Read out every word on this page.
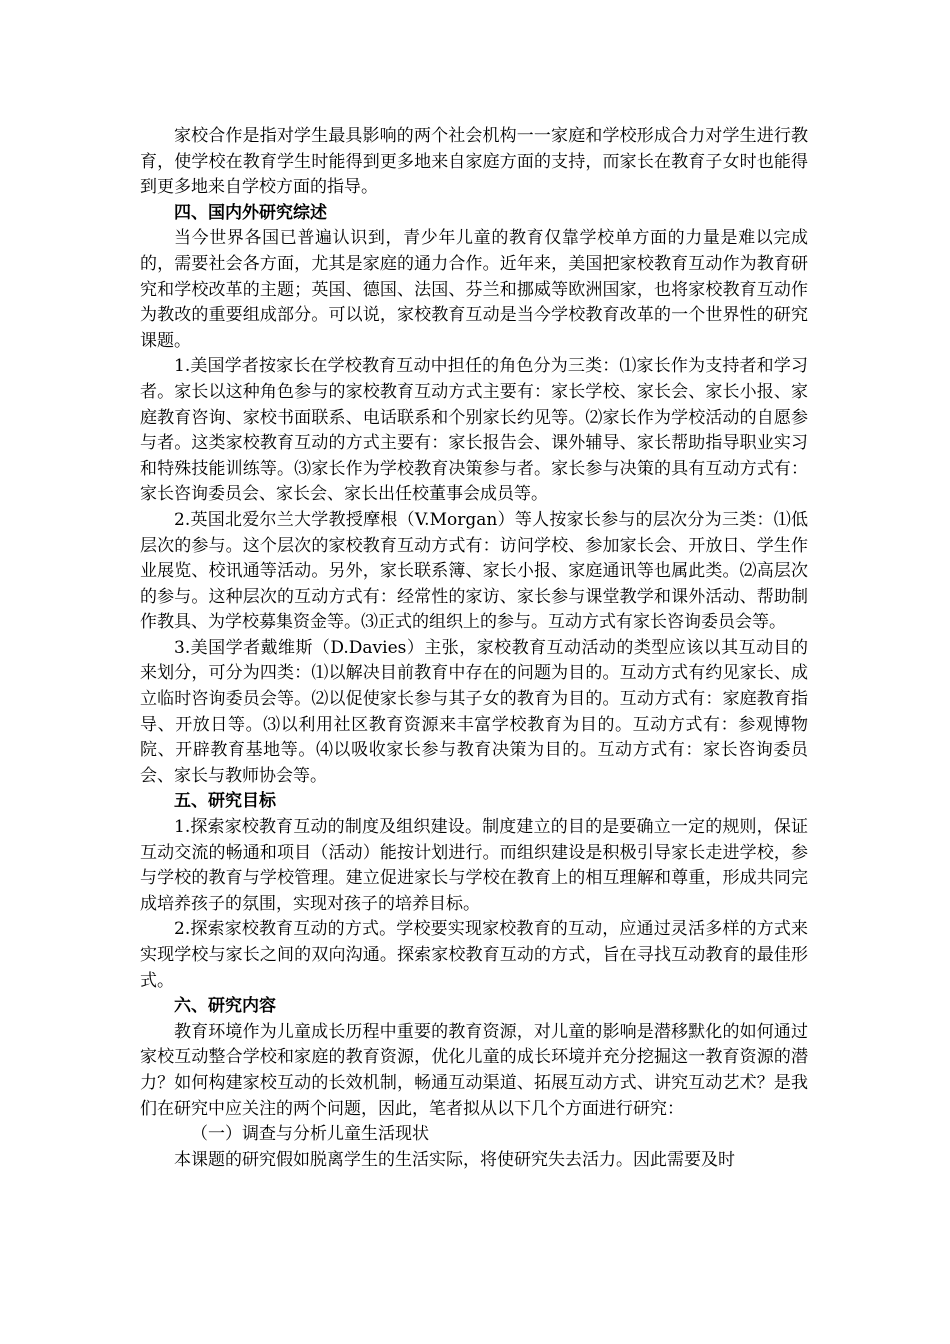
家校合作是指对学生最具影响的两个社会机构一一家庭和学校形成合力对学生进行教育，使学校在教育学生时能得到更多地来自家庭方面的支持，而家长在教育子女时也能得到更多地来自学校方面的指导。

四、国内外研究综述

当今世界各国已普遍认识到，青少年儿童的教育仅靠学校单方面的力量是难以完成的，需要社会各方面，尤其是家庭的通力合作。近年来，美国把家校教育互动作为教育研究和学校改革的主题；英国、德国、法国、芬兰和挪威等欧洲国家，也将家校教育互动作为教改的重要组成部分。可以说，家校教育互动是当今学校教育改革的一个世界性的研究课题。

1.美国学者按家长在学校教育互动中担任的角色分为三类：⑴家长作为支持者和学习者。家长以这种角色参与的家校教育互动方式主要有：家长学校、家长会、家长小报、家庭教育咨询、家校书面联系、电话联系和个别家长约见等。⑵家长作为学校活动的自愿参与者。这类家校教育互动的方式主要有：家长报告会、课外辅导、家长帮助指导职业实习和特殊技能训练等。⑶家长作为学校教育决策参与者。家长参与决策的具有互动方式有：家长咨询委员会、家长会、家长出任校董事会成员等。

2.英国北爱尔兰大学教授摩根（V.Morgan）等人按家长参与的层次分为三类：⑴低层次的参与。这个层次的家校教育互动方式有：访问学校、参加家长会、开放日、学生作业展览、校讯通等活动。另外，家长联系簿、家长小报、家庭通讯等也属此类。⑵高层次的参与。这种层次的互动方式有：经常性的家访、家长参与课堂教学和课外活动、帮助制作教具、为学校募集资金等。⑶正式的组织上的参与。互动方式有家长咨询委员会等。

3.美国学者戴维斯（D.Davies）主张，家校教育互动活动的类型应该以其互动目的来划分，可分为四类：⑴以解决目前教育中存在的问题为目的。互动方式有约见家长、成立临时咨询委员会等。⑵以促使家长参与其子女的教育为目的。互动方式有：家庭教育指导、开放日等。⑶以利用社区教育资源来丰富学校教育为目的。互动方式有：参观博物院、开辟教育基地等。⑷以吸收家长参与教育决策为目的。互动方式有：家长咨询委员会、家长与教师协会等。

五、研究目标

1.探索家校教育互动的制度及组织建设。制度建立的目的是要确立一定的规则，保证互动交流的畅通和项目（活动）能按计划进行。而组织建设是积极引导家长走进学校，参与学校的教育与学校管理。建立促进家长与学校在教育上的相互理解和尊重，形成共同完成培养孩子的氛围，实现对孩子的培养目标。

2.探索家校教育互动的方式。学校要实现家校教育的互动，应通过灵活多样的方式来实现学校与家长之间的双向沟通。探索家校教育互动的方式，旨在寻找互动教育的最佳形式。

六、研究内容

教育环境作为儿童成长历程中重要的教育资源，对儿童的影响是潜移默化的如何通过家校互动整合学校和家庭的教育资源，优化儿童的成长环境并充分挖掘这一教育资源的潜力？如何构建家校互动的长效机制，畅通互动渠道、拓展互动方式、讲究互动艺术？是我们在研究中应关注的两个问题，因此，笔者拟从以下几个方面进行研究：

（一）调查与分析儿童生活现状

本课题的研究假如脱离学生的生活实际，将使研究失去活力。因此需要及时
